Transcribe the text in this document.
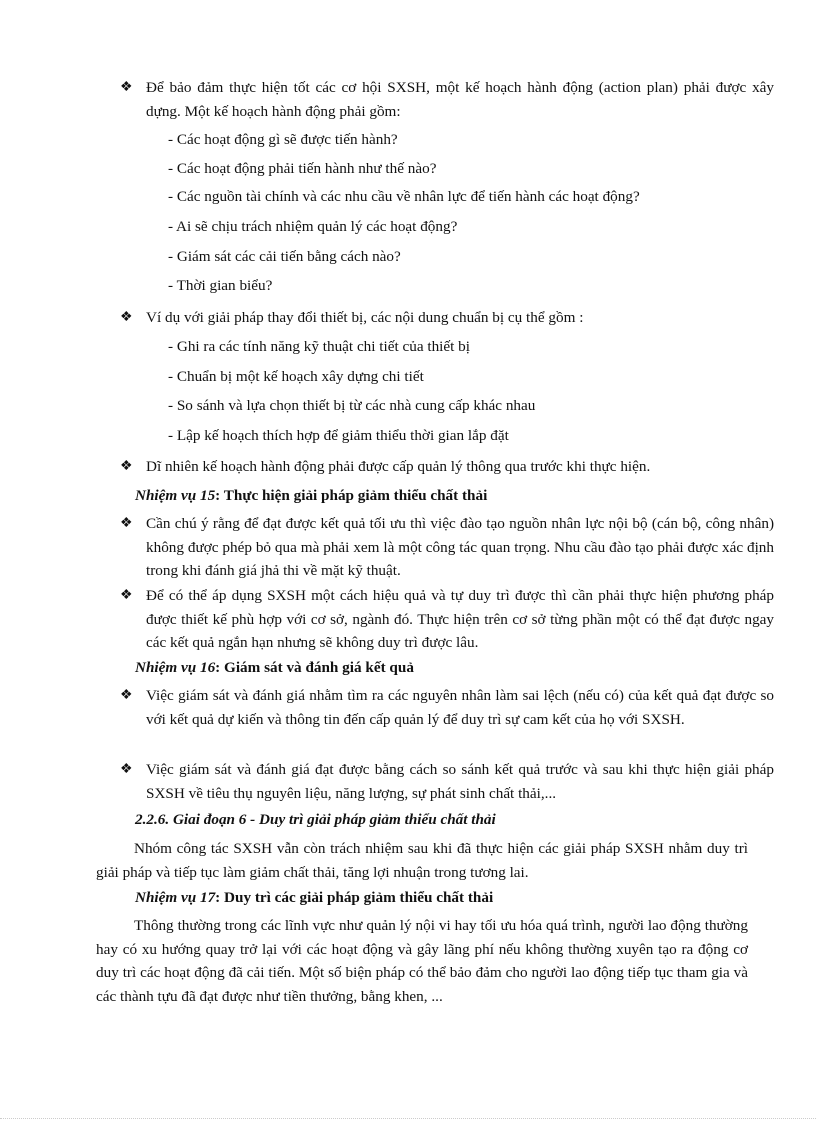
❖ Để bảo đảm thực hiện tốt các cơ hội SXSH, một kế hoạch hành động (action plan) phải được xây dựng. Một kế hoạch hành động phải gồm:
- Các hoạt động gì sẽ được tiến hành?
- Các hoạt động phải tiến hành như thế nào?
- Các nguồn tài chính và các nhu cầu về nhân lực để tiến hành các hoạt động?
- Ai sẽ chịu trách nhiệm quản lý các hoạt động?
- Giám sát các cải tiến bằng cách nào?
- Thời gian biểu?
❖ Ví dụ với giải pháp thay đổi thiết bị, các nội dung chuẩn bị cụ thể gồm :
- Ghi ra các tính năng kỹ thuật chi tiết của thiết bị
- Chuẩn bị một kế hoạch xây dựng chi tiết
- So sánh và lựa chọn thiết bị từ các nhà cung cấp khác nhau
- Lập kế hoạch thích hợp để giảm thiểu thời gian lắp đặt
❖ Dĩ nhiên kế hoạch hành động phải được cấp quản lý thông qua trước khi thực hiện.
Nhiệm vụ 15: Thực hiện giải pháp giảm thiểu chất thải
❖ Cần chú ý rằng để đạt được kết quả tối ưu thì việc đào tạo nguồn nhân lực nội bộ (cán bộ, công nhân) không được phép bỏ qua mà phải xem là một công tác quan trọng. Nhu cầu đào tạo phải được xác định trong khi đánh giá jhả thi về mặt kỹ thuật.
❖ Để có thể áp dụng SXSH một cách hiệu quả và tự duy trì được thì cần phải thực hiện phương pháp được thiết kế phù hợp với cơ sở, ngành đó. Thực hiện trên cơ sở từng phần một có thể đạt được ngay các kết quả ngắn hạn nhưng sẽ không duy trì được lâu.
Nhiệm vụ 16: Giám sát và đánh giá kết quả
❖ Việc giám sát và đánh giá nhằm tìm ra các nguyên nhân làm sai lệch (nếu có) của kết quả đạt được so với kết quả dự kiến và thông tin đến cấp quản lý để duy trì sự cam kết của họ với SXSH.
❖ Việc giám sát và đánh giá đạt được bằng cách so sánh kết quả trước và sau khi thực hiện giải pháp SXSH về tiêu thụ nguyên liệu, năng lượng, sự phát sinh chất thải,...
2.2.6. Giai đoạn 6 - Duy trì giải pháp giảm thiểu chất thải
Nhóm công tác SXSH vẫn còn trách nhiệm sau khi đã thực hiện các giải pháp SXSH nhằm duy trì giải pháp và tiếp tục làm giảm chất thải, tăng lợi nhuận trong tương lai.
Nhiệm vụ 17: Duy trì các giải pháp giảm thiểu chất thải
Thông thường trong các lĩnh vực như quản lý nội vi hay tối ưu hóa quá trình, người lao động thường hay có xu hướng quay trở lại với các hoạt động và gây lãng phí nếu không thường xuyên tạo ra động cơ duy trì các hoạt động đã cải tiến. Một số biện pháp có thể bảo đảm cho người lao động tiếp tục tham gia và các thành tựu đã đạt được như tiền thưởng, bằng khen, ...
